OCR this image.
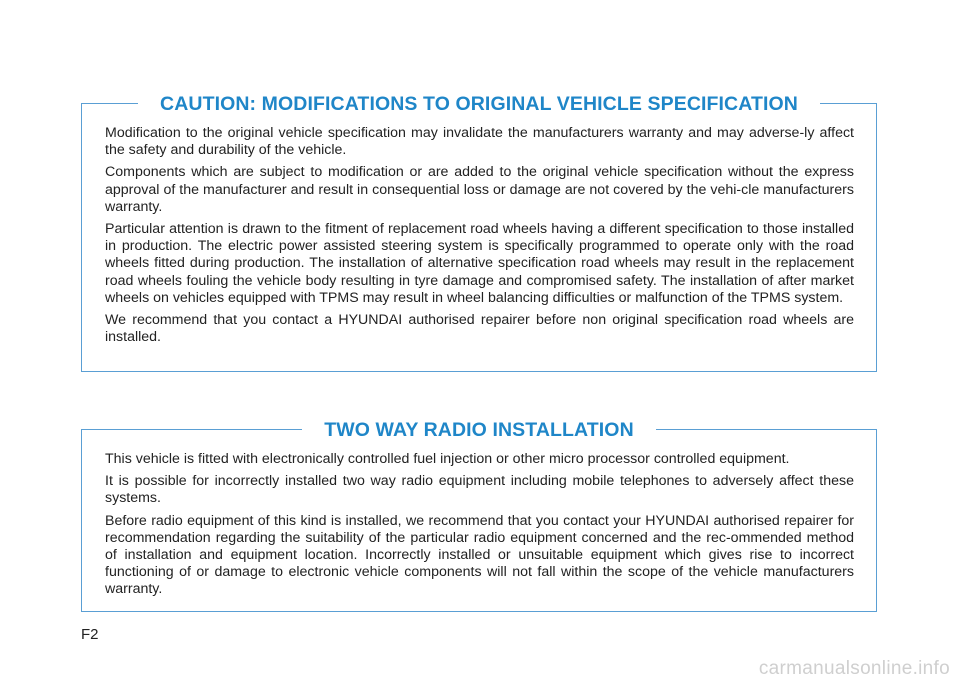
CAUTION: MODIFICATIONS TO ORIGINAL VEHICLE SPECIFICATION

Modification to the original vehicle specification may invalidate the manufacturers warranty and may adverse-ly affect the safety and durability of the vehicle.

Components which are subject to modification or are added to the original vehicle specification without the express approval of the manufacturer and result in consequential loss or damage are not covered by the vehi-cle manufacturers warranty.

Particular attention is drawn to the fitment of replacement road wheels having a different specification to those installed in production. The electric power assisted steering system is specifically programmed to operate only with the road wheels fitted during production. The installation of alternative specification road wheels may result in the replacement road wheels fouling the vehicle body resulting in tyre damage and compromised safety. The installation of after market wheels on vehicles equipped with TPMS may result in wheel balancing difficulties or malfunction of the TPMS system.

We recommend that you contact a HYUNDAI authorised repairer before non original specification road wheels are installed.

TWO WAY RADIO INSTALLATION

This vehicle is fitted with electronically controlled fuel injection or other micro processor controlled equipment.

It is possible for incorrectly installed two way radio equipment including mobile telephones to adversely affect these systems.

Before radio equipment of this kind is installed, we recommend that you contact your HYUNDAI authorised repairer for recommendation regarding the suitability of the particular radio equipment concerned and the rec-ommended method of installation and equipment location. Incorrectly installed or unsuitable equipment which gives rise to incorrect functioning of or damage to electronic vehicle components will not fall within the scope of the vehicle manufacturers warranty.

F2
carmanualsonline.info
